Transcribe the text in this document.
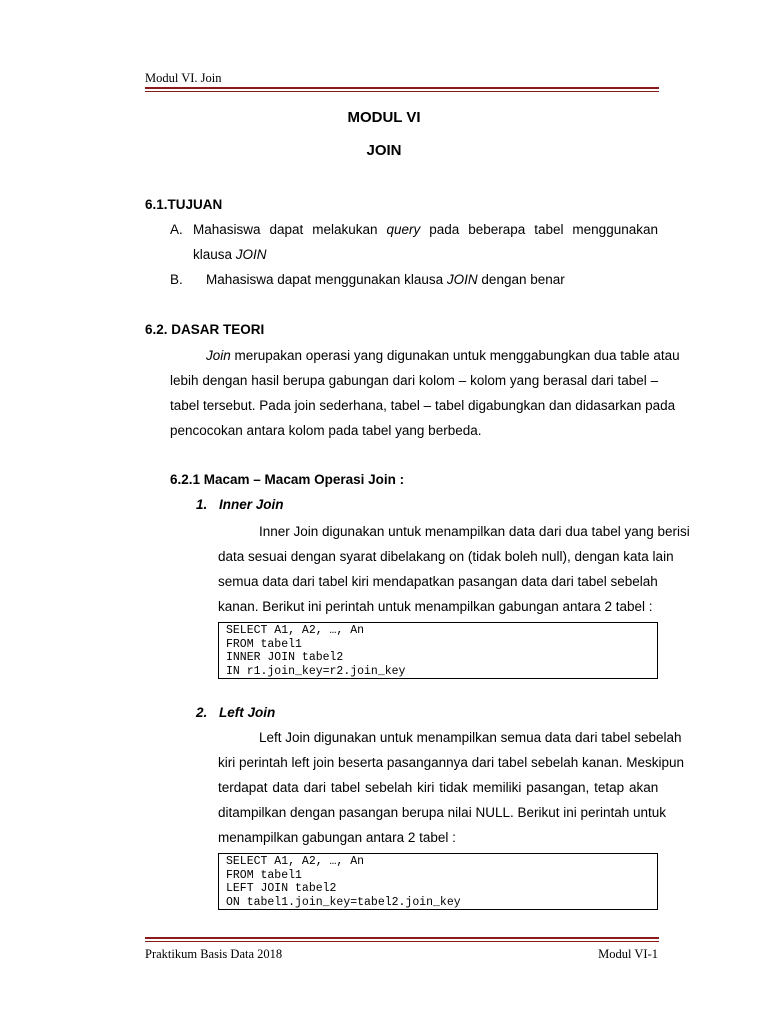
Modul VI. Join
MODUL VI
JOIN
6.1.TUJUAN
A. Mahasiswa dapat melakukan query pada beberapa tabel menggunakan
klausa JOIN
B. Mahasiswa dapat menggunakan klausa JOIN dengan benar
6.2. DASAR TEORI
Join merupakan operasi yang digunakan untuk menggabungkan dua table atau
lebih dengan hasil berupa gabungan dari kolom – kolom yang berasal dari tabel –
tabel tersebut. Pada join sederhana, tabel – tabel digabungkan dan didasarkan pada
pencocokan antara kolom pada tabel yang berbeda.
6.2.1 Macam – Macam Operasi Join :
1. Inner Join
Inner Join digunakan untuk menampilkan data dari dua tabel yang berisi
data sesuai dengan syarat dibelakang on (tidak boleh null), dengan kata lain
semua data dari tabel kiri mendapatkan pasangan data dari tabel sebelah
kanan. Berikut ini perintah untuk menampilkan gabungan antara 2 tabel :
SELECT A1, A2, …, An
FROM tabel1
INNER JOIN tabel2
IN r1.join_key=r2.join_key
2. Left Join
Left Join digunakan untuk menampilkan semua data dari tabel sebelah
kiri perintah left join beserta pasangannya dari tabel sebelah kanan. Meskipun
terdapat data dari tabel sebelah kiri tidak memiliki pasangan, tetap akan
ditampilkan dengan pasangan berupa nilai NULL. Berikut ini perintah untuk
menampilkan gabungan antara 2 tabel :
SELECT A1, A2, …, An
FROM tabel1
LEFT JOIN tabel2
ON tabel1.join_key=tabel2.join_key
Praktikum Basis Data 2018	Modul VI-1
